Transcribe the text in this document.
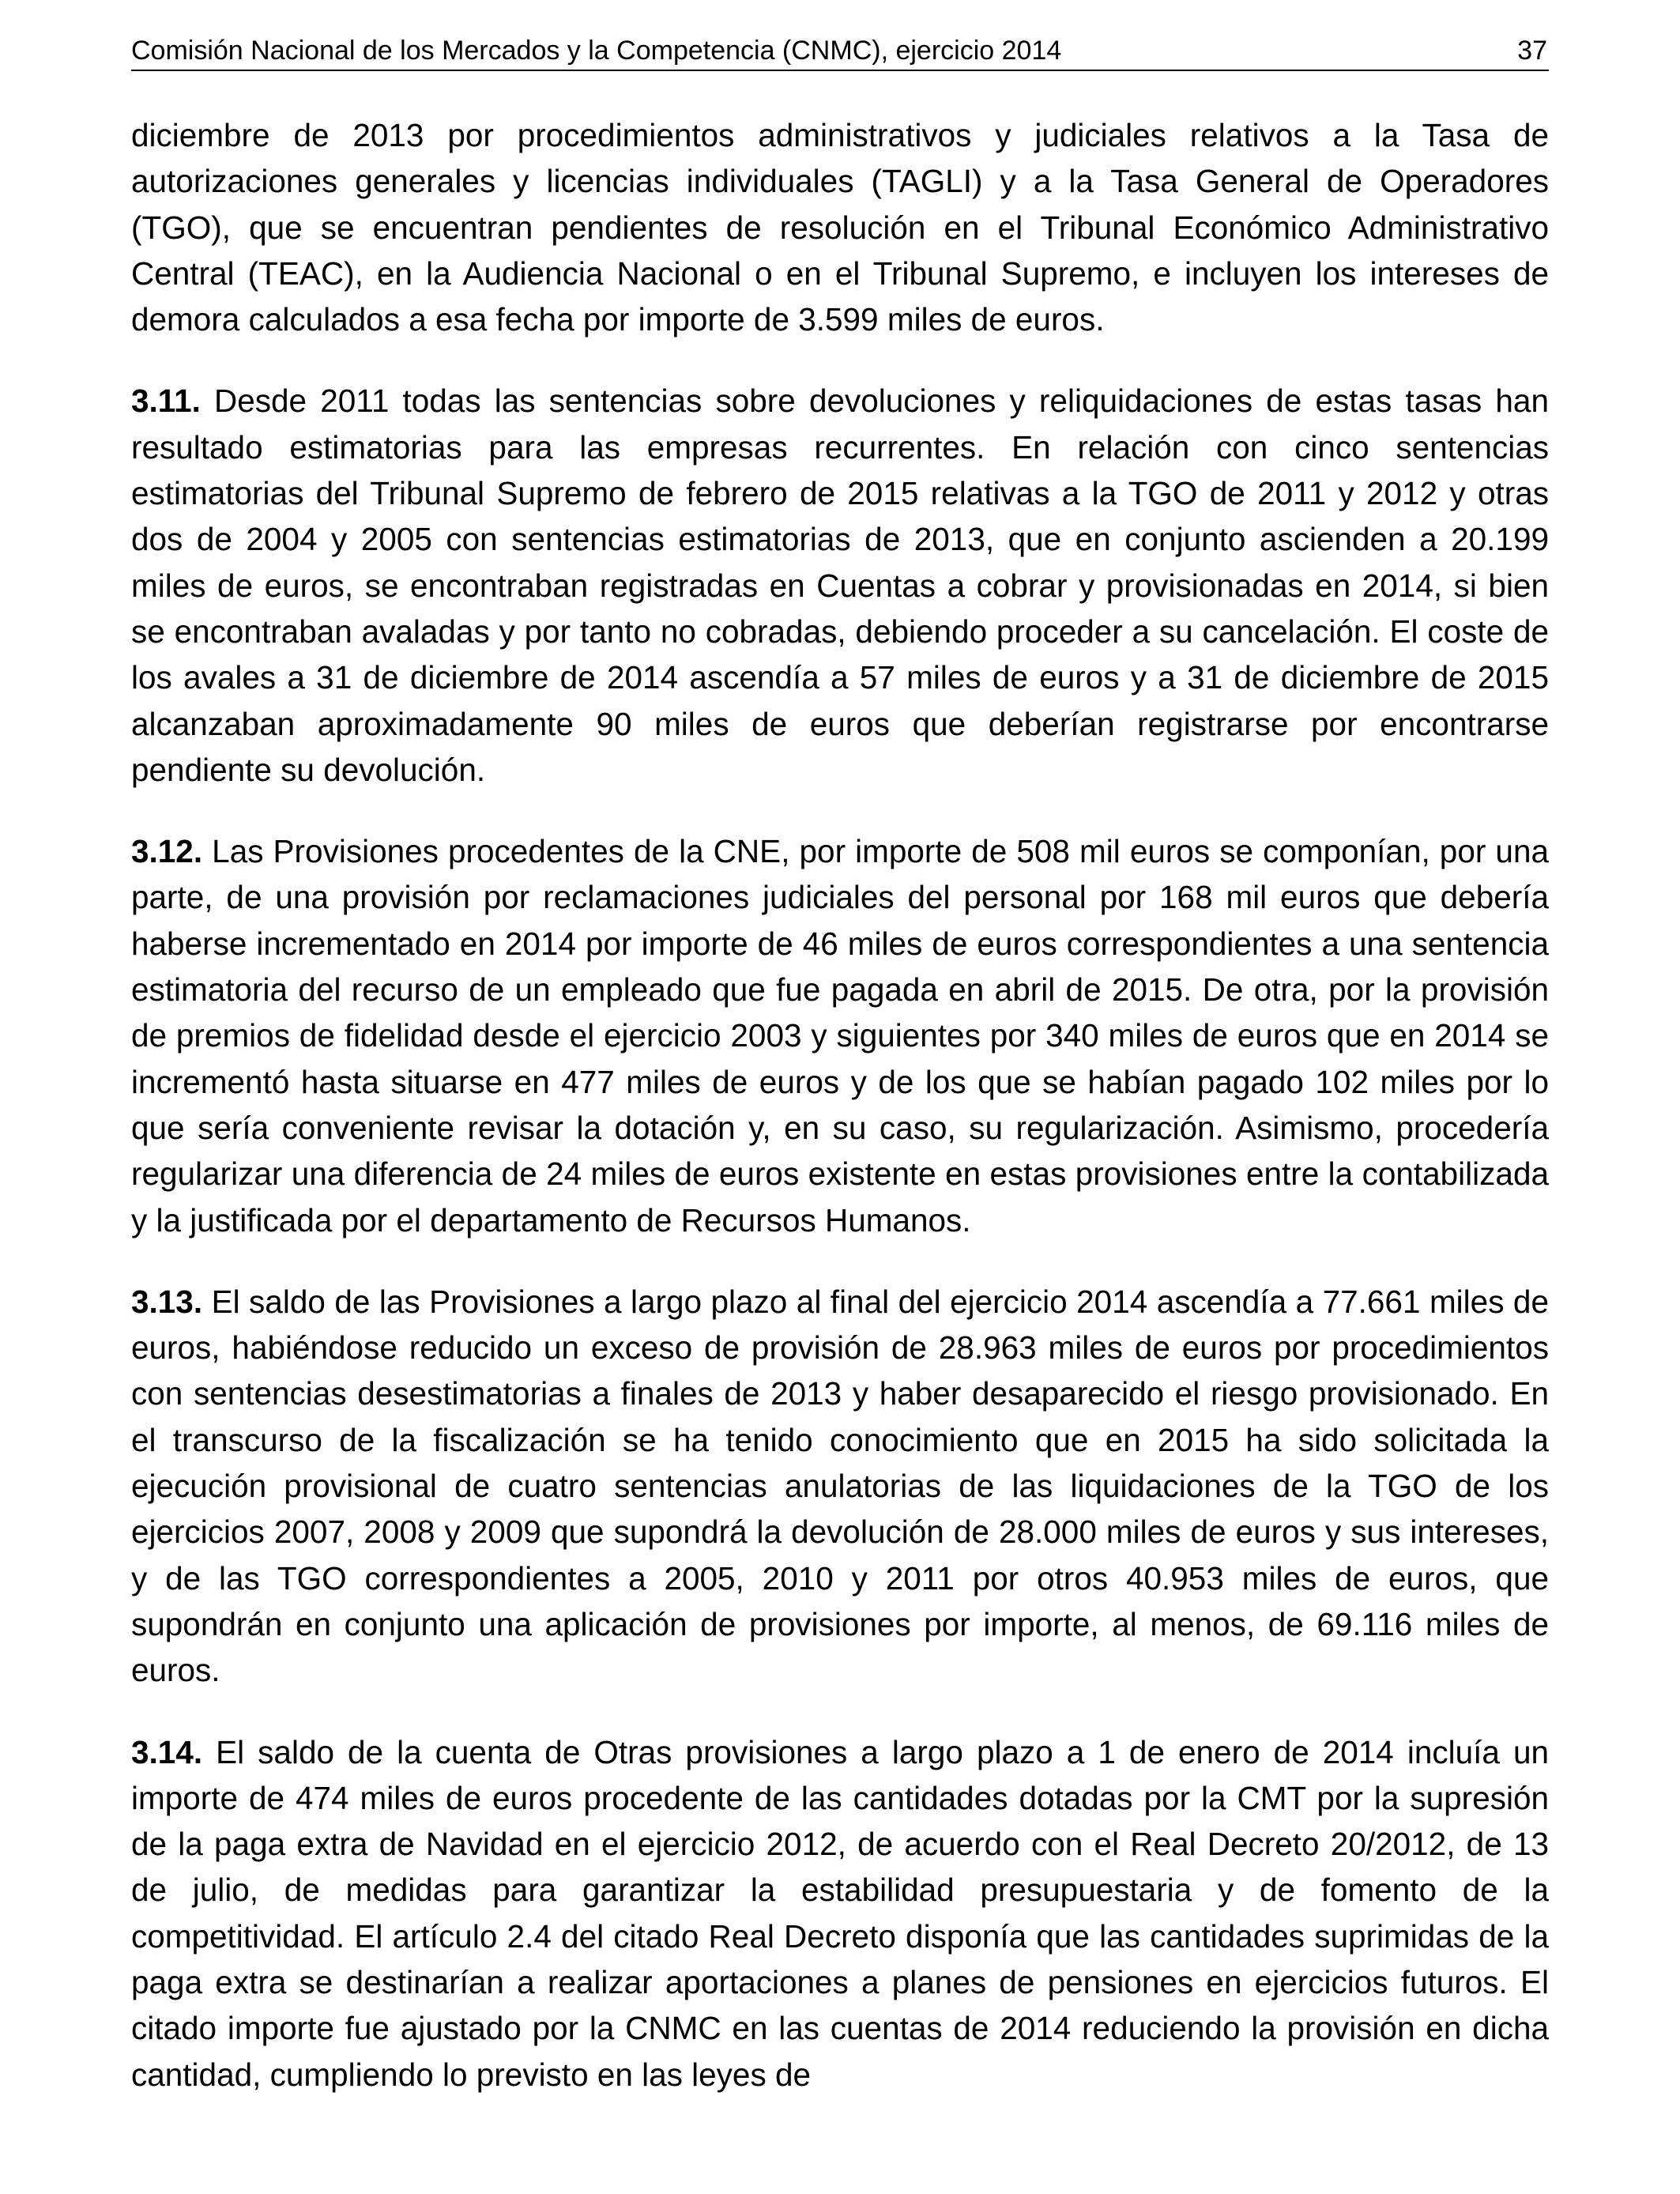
Comisión Nacional de los Mercados y la Competencia (CNMC), ejercicio 2014	37

diciembre de 2013 por procedimientos administrativos y judiciales relativos a la Tasa de autorizaciones generales y licencias individuales (TAGLI) y a la Tasa General de Operadores (TGO), que se encuentran pendientes de resolución en el Tribunal Económico Administrativo Central (TEAC), en la Audiencia Nacional o en el Tribunal Supremo, e incluyen los intereses de demora calculados a esa fecha por importe de 3.599 miles de euros.

3.11. Desde 2011 todas las sentencias sobre devoluciones y reliquidaciones de estas tasas han resultado estimatorias para las empresas recurrentes. En relación con cinco sentencias estimatorias del Tribunal Supremo de febrero de 2015 relativas a la TGO de 2011 y 2012 y otras dos de 2004 y 2005 con sentencias estimatorias de 2013, que en conjunto ascienden a 20.199 miles de euros, se encontraban registradas en Cuentas a cobrar y provisionadas en 2014, si bien se encontraban avaladas y por tanto no cobradas, debiendo proceder a su cancelación. El coste de los avales a 31 de diciembre de 2014 ascendía a 57 miles de euros y a 31 de diciembre de 2015 alcanzaban aproximadamente 90 miles de euros que deberían registrarse por encontrarse pendiente su devolución.

3.12. Las Provisiones procedentes de la CNE, por importe de 508 mil euros se componían, por una parte, de una provisión por reclamaciones judiciales del personal por 168 mil euros que debería haberse incrementado en 2014 por importe de 46 miles de euros correspondientes a una sentencia estimatoria del recurso de un empleado que fue pagada en abril de 2015. De otra, por la provisión de premios de fidelidad desde el ejercicio 2003 y siguientes por 340 miles de euros que en 2014 se incrementó hasta situarse en 477 miles de euros y de los que se habían pagado 102 miles por lo que sería conveniente revisar la dotación y, en su caso, su regularización. Asimismo, procedería regularizar una diferencia de 24 miles de euros existente en estas provisiones entre la contabilizada y la justificada por el departamento de Recursos Humanos.

3.13. El saldo de las Provisiones a largo plazo al final del ejercicio 2014 ascendía a 77.661 miles de euros, habiéndose reducido un exceso de provisión de 28.963 miles de euros por procedimientos con sentencias desestimatorias a finales de 2013 y haber desaparecido el riesgo provisionado. En el transcurso de la fiscalización se ha tenido conocimiento que en 2015 ha sido solicitada la ejecución provisional de cuatro sentencias anulatorias de las liquidaciones de la TGO de los ejercicios 2007, 2008 y 2009 que supondrá la devolución de 28.000 miles de euros y sus intereses, y de las TGO correspondientes a 2005, 2010 y 2011 por otros 40.953 miles de euros, que supondrán en conjunto una aplicación de provisiones por importe, al menos, de 69.116 miles de euros.

3.14. El saldo de la cuenta de Otras provisiones a largo plazo a 1 de enero de 2014 incluía un importe de 474 miles de euros procedente de las cantidades dotadas por la CMT por la supresión de la paga extra de Navidad en el ejercicio 2012, de acuerdo con el Real Decreto 20/2012, de 13 de julio, de medidas para garantizar la estabilidad presupuestaria y de fomento de la competitividad. El artículo 2.4 del citado Real Decreto disponía que las cantidades suprimidas de la paga extra se destinarían a realizar aportaciones a planes de pensiones en ejercicios futuros. El citado importe fue ajustado por la CNMC en las cuentas de 2014 reduciendo la provisión en dicha cantidad, cumpliendo lo previsto en las leyes de
